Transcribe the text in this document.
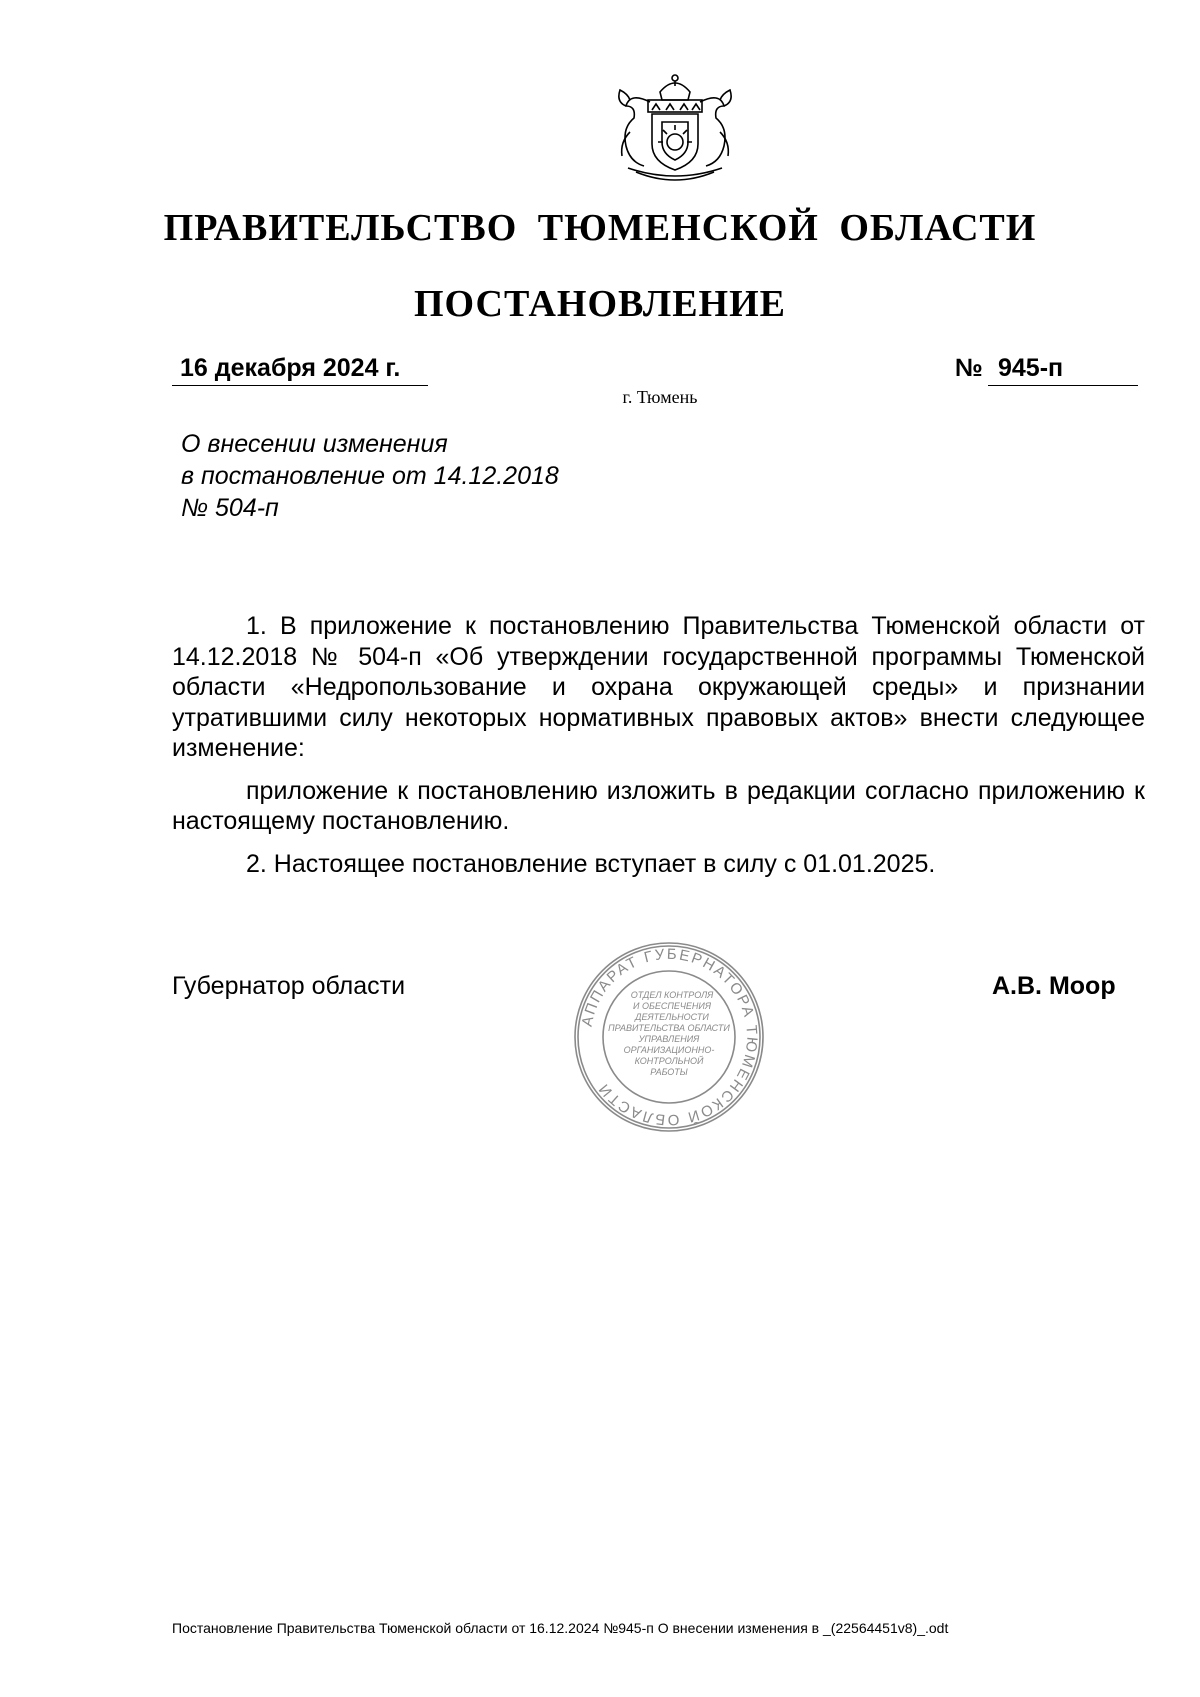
ПРАВИТЕЛЬСТВО ТЮМЕНСКОЙ ОБЛАСТИ
ПОСТАНОВЛЕНИЕ
16 декабря 2024 г.	№ 945-п
г. Тюмень
О внесении изменения
в постановление от 14.12.2018
№ 504-п

1. В приложение к постановлению Правительства Тюменской области от 14.12.2018 № 504-п «Об утверждении государственной программы Тюменской области «Недропользование и охрана окружающей среды» и признании утратившими силу некоторых нормативных правовых актов» внести следующее изменение:

приложение к постановлению изложить в редакции согласно приложению к настоящему постановлению.

2. Настоящее постановление вступает в силу с 01.01.2025.

Губернатор области	А.В. Моор
АППАРАТ ГУБЕРНАТОРА ТЮМЕНСКОЙ ОБЛАСТИ
ОТДЕЛ КОНТРОЛЯ
И ОБЕСПЕЧЕНИЯ
ДЕЯТЕЛЬНОСТИ
ПРАВИТЕЛЬСТВА ОБЛАСТИ
УПРАВЛЕНИЯ
ОРГАНИЗАЦИОННО-
КОНТРОЛЬНОЙ
РАБОТЫ
Постановление Правительства Тюменской области от 16.12.2024 №945-п О внесении изменения в _(22564451v8)_.odt
